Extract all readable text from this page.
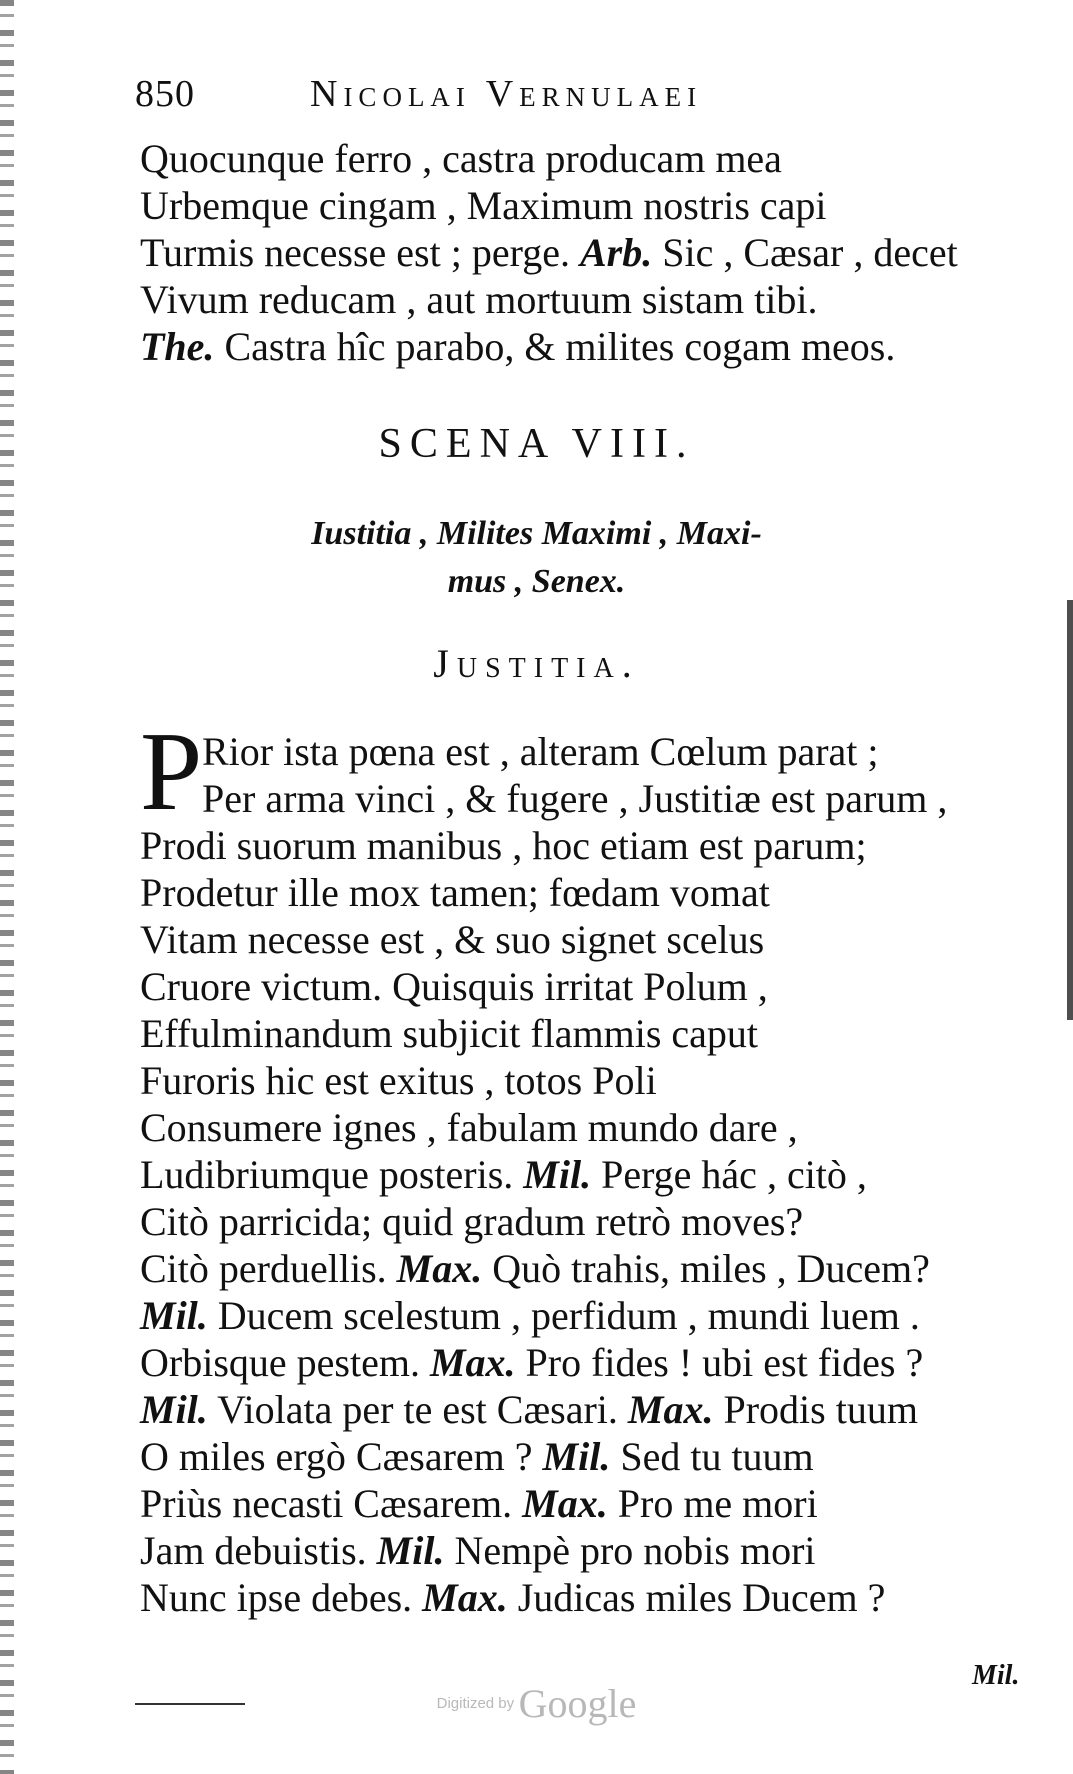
850	Nicolai Vernulaei
Quocunque ferro , castra producam mea
Urbemque cingam , Maximum nostris capi
Turmis necesse est ; perge. Arb. Sic , Cæsar , decet
Vivum reducam , aut mortuum sistam tibi.
The. Castra hîc parabo, & milites cogam meos.
SCENA VIII.
Iustitia , Milites Maximi , Maxi-
mus , Senex.
Justitia.
P Rior ista pœna est , alteram Cœlum parat ;
Per arma vinci , & fugere , Justitiæ est parum ,
Prodi suorum manibus , hoc etiam est parum;
Prodetur ille mox tamen; fœdam vomat
Vitam necesse est , & suo signet scelus
Cruore victum. Quisquis irritat Polum ,
Effulminandum subjicit flammis caput
Furoris hic est exitus , totos Poli
Consumere ignes , fabulam mundo dare ,
Ludibriumque posteris. Mil. Perge hác , citò ,
Citò parricida; quid gradum retrò moves?
Citò perduellis. Max. Quò trahis, miles , Ducem?
Mil. Ducem scelestum , perfidum , mundi luem .
Orbisque pestem. Max. Pro fides ! ubi est fides ?
Mil. Violata per te est Cæsari. Max. Prodis tuum
O miles ergò Cæsarem ? Mil. Sed tu tuum
Priùs necasti Cæsarem. Max. Pro me mori
Jam debuistis. Mil. Nempè pro nobis mori
Nunc ipse debes. Max. Judicas miles Ducem ?
Mil.
Digitized by Google
